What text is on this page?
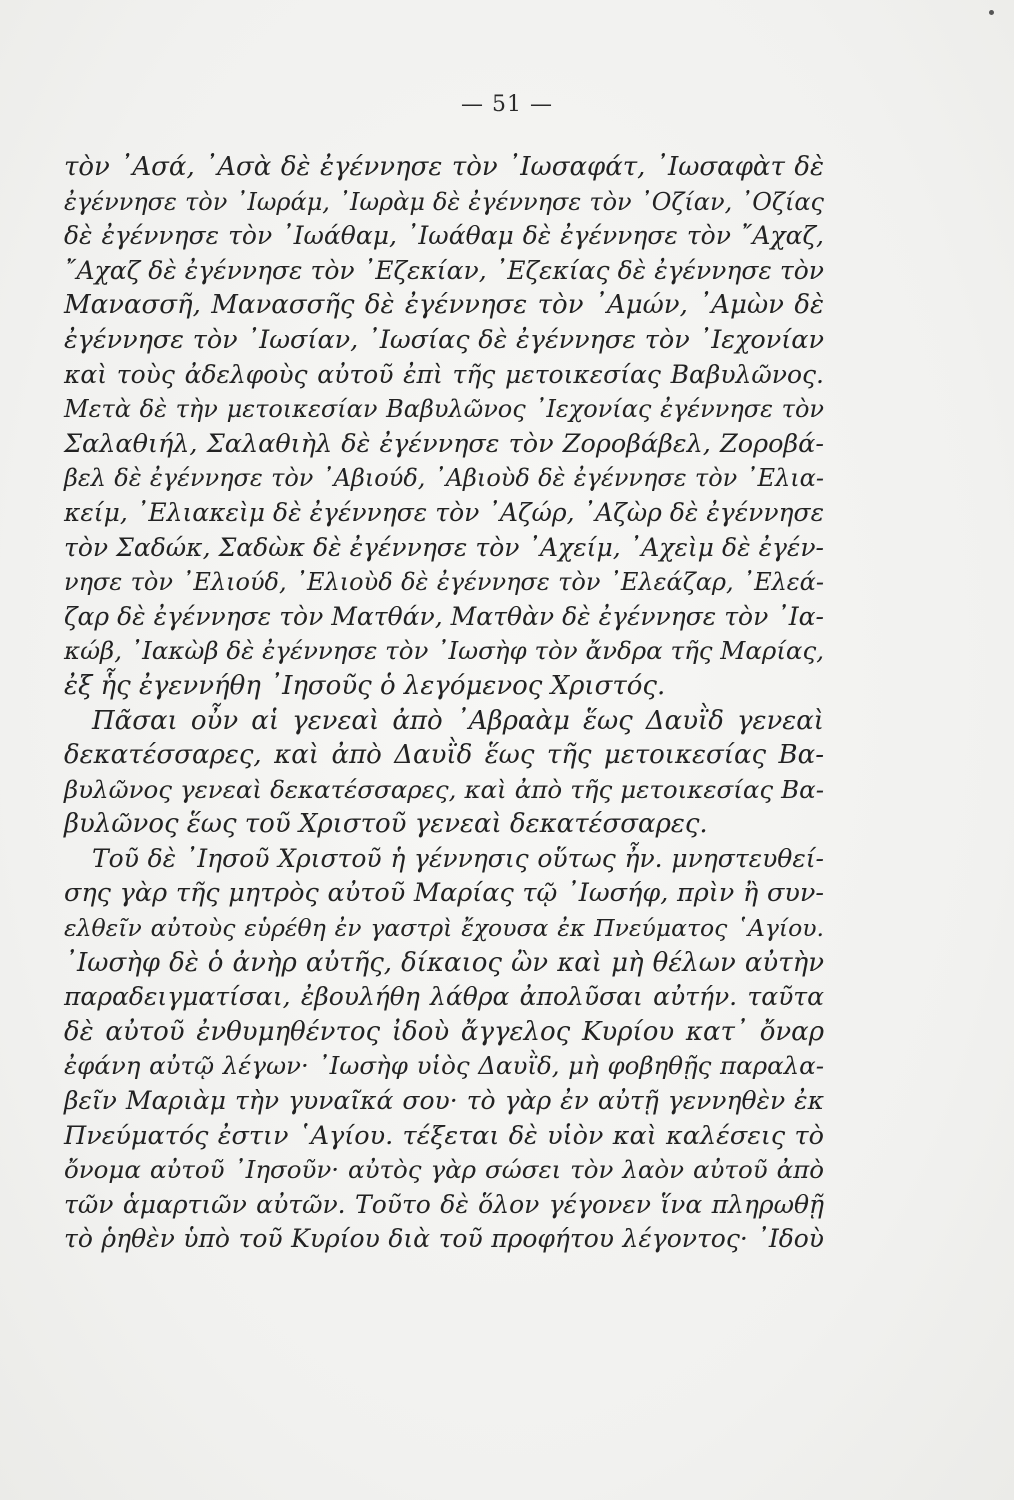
— 51 —
τὸν ᾿Ασά, ᾿Ασὰ δὲ ἐγέννησε τὸν ᾿Ιωσαφάτ, ᾿Ιωσαφὰτ δὲ
ἐγέννησε τὸν ᾿Ιωράμ, ᾿Ιωρὰμ δὲ ἐγέννησε τὸν ᾿Οζίαν, ᾿Οζίας
δὲ ἐγέννησε τὸν ᾿Ιωάθαμ, ᾿Ιωάθαμ δὲ ἐγέννησε τὸν ῎Αχαζ,
῎Αχαζ δὲ ἐγέννησε τὸν ᾿Εζεκίαν, ᾿Εζεκίας δὲ ἐγέννησε τὸν
Μανασσῆ, Μανασσῆς δὲ ἐγέννησε τὸν ᾿Αμών, ᾿Αμὼν δὲ
ἐγέννησε τὸν ᾿Ιωσίαν, ᾿Ιωσίας δὲ ἐγέννησε τὸν ᾿Ιεχονίαν
καὶ τοὺς ἀδελφοὺς αὐτοῦ ἐπὶ τῆς μετοικεσίας Βαβυλῶνος.
Μετὰ δὲ τὴν μετοικεσίαν Βαβυλῶνος ᾿Ιεχονίας ἐγέννησε τὸν
Σαλαθιήλ, Σαλαθιὴλ δὲ ἐγέννησε τὸν Ζοροβάβελ, Ζοροβά-
βελ δὲ ἐγέννησε τὸν ᾿Αβιούδ, ᾿Αβιοὺδ δὲ ἐγέννησε τὸν ᾿Ελια-
κείμ, ᾿Ελιακεὶμ δὲ ἐγέννησε τὸν ᾿Αζώρ, ᾿Αζὼρ δὲ ἐγέννησε
τὸν Σαδώκ, Σαδὼκ δὲ ἐγέννησε τὸν ᾿Αχείμ, ᾿Αχεὶμ δὲ ἐγέν-
νησε τὸν ᾿Ελιούδ, ᾿Ελιοὺδ δὲ ἐγέννησε τὸν ᾿Ελεάζαρ, ᾿Ελεά-
ζαρ δὲ ἐγέννησε τὸν Ματθάν, Ματθὰν δὲ ἐγέννησε τὸν ᾿Ια-
κώβ, ᾿Ιακὼβ δὲ ἐγέννησε τὸν ᾿Ιωσὴφ τὸν ἄνδρα τῆς Μαρίας,
ἐξ ἧς ἐγεννήθη ᾿Ιησοῦς ὁ λεγόμενος Χριστός.
Πᾶσαι οὖν αἱ γενεαὶ ἀπὸ ᾿Αβραὰμ ἕως Δαυῒδ γενεαὶ
δεκατέσσαρες, καὶ ἀπὸ Δαυῒδ ἕως τῆς μετοικεσίας Βα-
βυλῶνος γενεαὶ δεκατέσσαρες, καὶ ἀπὸ τῆς μετοικεσίας Βα-
βυλῶνος ἕως τοῦ Χριστοῦ γενεαὶ δεκατέσσαρες.
Τοῦ δὲ ᾿Ιησοῦ Χριστοῦ ἡ γέννησις οὕτως ἦν. μνηστευθεί-
σης γὰρ τῆς μητρὸς αὐτοῦ Μαρίας τῷ ᾿Ιωσήφ, πρὶν ἢ συν-
ελθεῖν αὐτοὺς εὑρέθη ἐν γαστρὶ ἔχουσα ἐκ Πνεύματος ῾Αγίου.
᾿Ιωσὴφ δὲ ὁ ἀνὴρ αὐτῆς, δίκαιος ὢν καὶ μὴ θέλων αὐτὴν
παραδειγματίσαι, ἐβουλήθη λάθρα ἀπολῦσαι αὐτήν. ταῦτα
δὲ αὐτοῦ ἐνθυμηθέντος ἰδοὺ ἄγγελος Κυρίου κατ᾿ ὄναρ
ἐφάνη αὐτῷ λέγων· ᾿Ιωσὴφ υἱὸς Δαυῒδ, μὴ φοβηθῇς παραλα-
βεῖν Μαριὰμ τὴν γυναῖκά σου· τὸ γὰρ ἐν αὐτῇ γεννηθὲν ἐκ
Πνεύματός ἐστιν ῾Αγίου. τέξεται δὲ υἱὸν καὶ καλέσεις τὸ
ὄνομα αὐτοῦ ᾿Ιησοῦν· αὐτὸς γὰρ σώσει τὸν λαὸν αὐτοῦ ἀπὸ
τῶν ἁμαρτιῶν αὐτῶν. Τοῦτο δὲ ὅλον γέγονεν ἵνα πληρωθῇ
τὸ ῥηθὲν ὑπὸ τοῦ Κυρίου διὰ τοῦ προφήτου λέγοντος· ᾿Ιδοὺ
